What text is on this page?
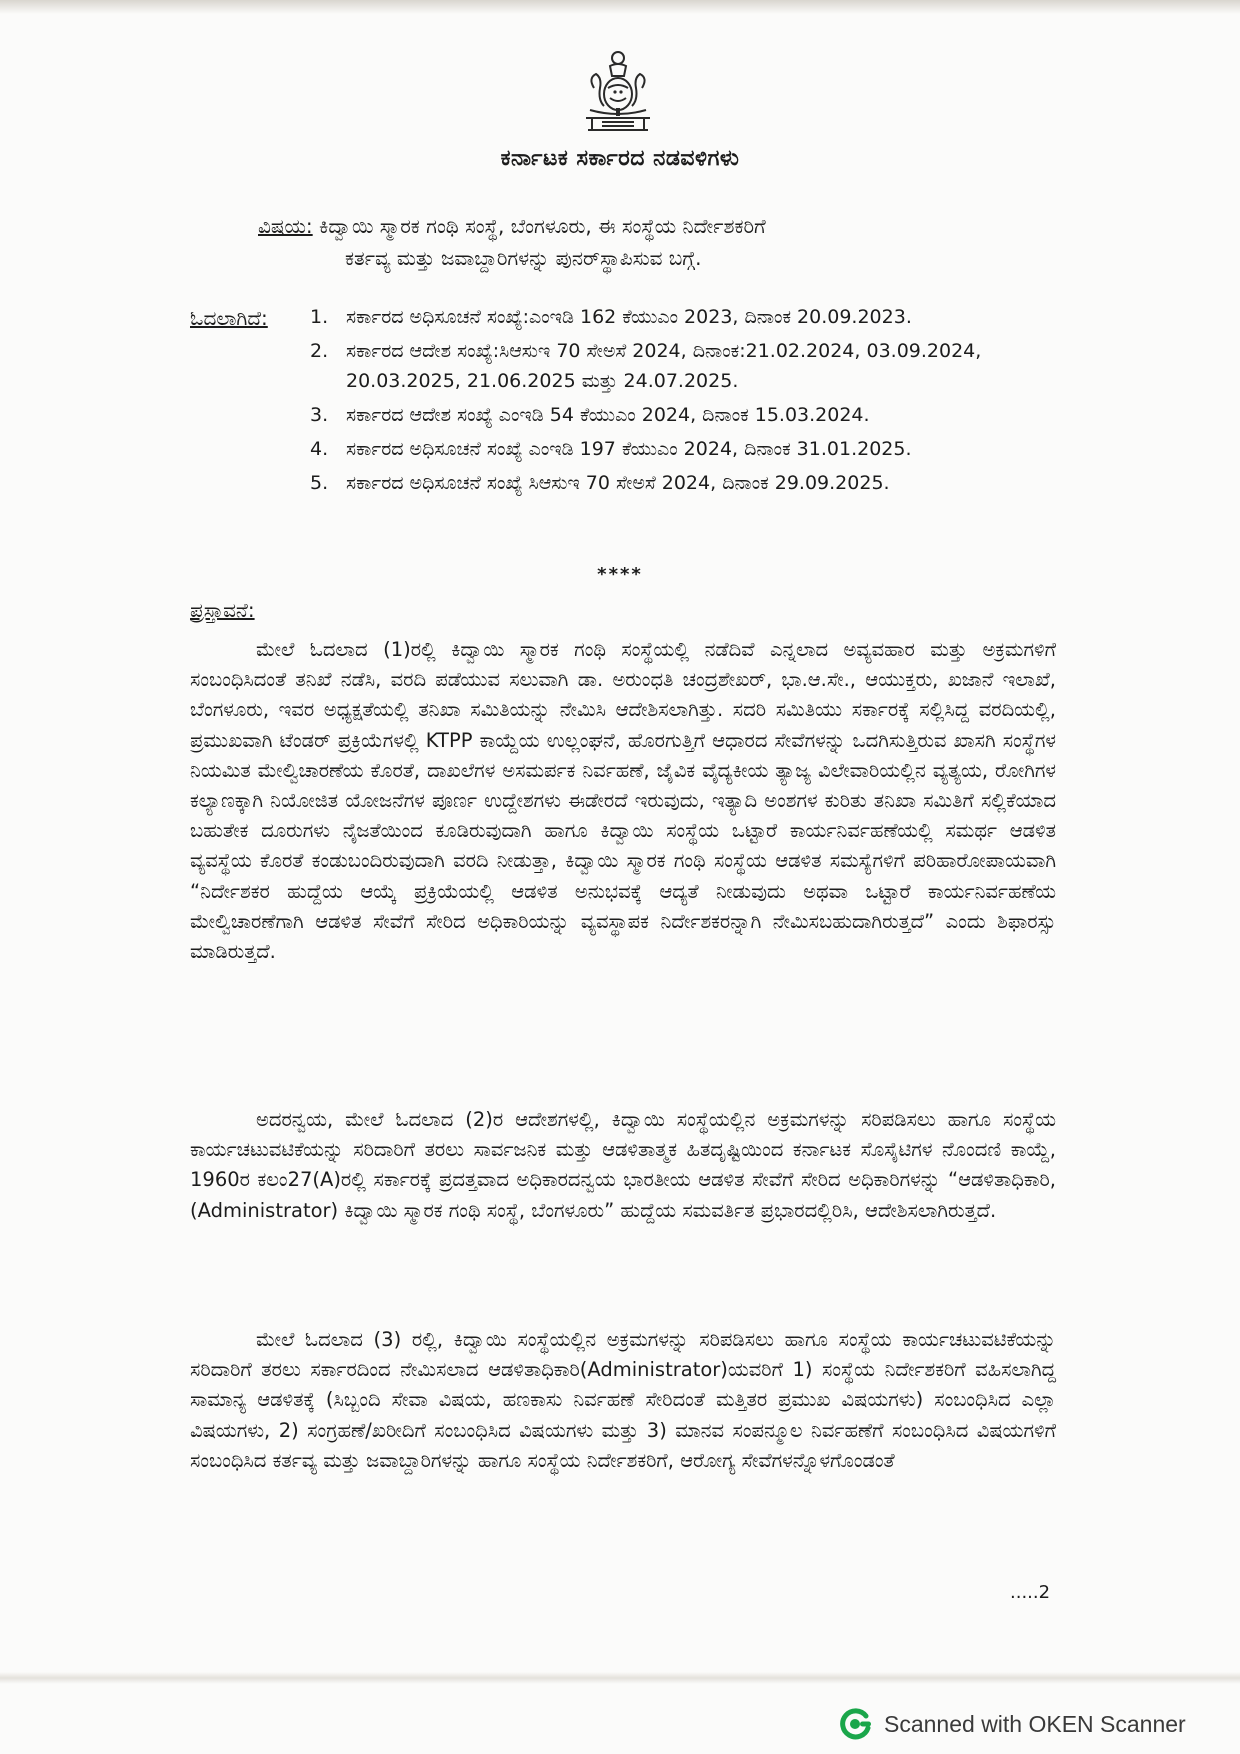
ಕರ್ನಾಟಕ ಸರ್ಕಾರದ ನಡವಳಿಗಳು
ವಿಷಯ: ಕಿದ್ವಾಯಿ ಸ್ಮಾರಕ ಗಂಥಿ ಸಂಸ್ಥೆ, ಬೆಂಗಳೂರು, ಈ ಸಂಸ್ಥೆಯ ನಿರ್ದೇಶಕರಿಗೆ
ಕರ್ತವ್ಯ ಮತ್ತು ಜವಾಬ್ದಾರಿಗಳನ್ನು ಪುನರ್‌ಸ್ಥಾಪಿಸುವ ಬಗ್ಗೆ.
ಓದಲಾಗಿದೆ: 1. ಸರ್ಕಾರದ ಅಧಿಸೂಚನೆ ಸಂಖ್ಯೆ:ಎಂಇಡಿ 162 ಕೆಯುಎಂ 2023, ದಿನಾಂಕ 20.09.2023.
2. ಸರ್ಕಾರದ ಆದೇಶ ಸಂಖ್ಯೆ:ಸಿಆಸುಇ 70 ಸೇಅಸೆ 2024, ದಿನಾಂಕ:21.02.2024, 03.09.2024, 20.03.2025, 21.06.2025 ಮತ್ತು 24.07.2025.
3. ಸರ್ಕಾರದ ಆದೇಶ ಸಂಖ್ಯೆ ಎಂಇಡಿ 54 ಕೆಯುಎಂ 2024, ದಿನಾಂಕ 15.03.2024.
4. ಸರ್ಕಾರದ ಅಧಿಸೂಚನೆ ಸಂಖ್ಯೆ ಎಂಇಡಿ 197 ಕೆಯುಎಂ 2024, ದಿನಾಂಕ 31.01.2025.
5. ಸರ್ಕಾರದ ಅಧಿಸೂಚನೆ ಸಂಖ್ಯೆ ಸಿಆಸುಇ 70 ಸೇಅಸೆ 2024, ದಿನಾಂಕ 29.09.2025.
****
ಪ್ರಸ್ತಾವನೆ:

ಮೇಲೆ ಓದಲಾದ (1)ರಲ್ಲಿ ಕಿದ್ವಾಯಿ ಸ್ಮಾರಕ ಗಂಥಿ ಸಂಸ್ಥೆಯಲ್ಲಿ ನಡೆದಿವೆ ಎನ್ನಲಾದ ಅವ್ಯವಹಾರ ಮತ್ತು ಅಕ್ರಮಗಳಿಗೆ ಸಂಬಂಧಿಸಿದಂತೆ ತನಿಖೆ ನಡೆಸಿ, ವರದಿ ಪಡೆಯುವ ಸಲುವಾಗಿ ಡಾ. ಅರುಂಧತಿ ಚಂದ್ರಶೇಖರ್, ಭಾ.ಆ.ಸೇ., ಆಯುಕ್ತರು, ಖಜಾನೆ ಇಲಾಖೆ, ಬೆಂಗಳೂರು, ಇವರ ಅಧ್ಯಕ್ಷತೆಯಲ್ಲಿ ತನಿಖಾ ಸಮಿತಿಯನ್ನು ನೇಮಿಸಿ ಆದೇಶಿಸಲಾಗಿತ್ತು. ಸದರಿ ಸಮಿತಿಯು ಸರ್ಕಾರಕ್ಕೆ ಸಲ್ಲಿಸಿದ್ದ ವರದಿಯಲ್ಲಿ, ಪ್ರಮುಖವಾಗಿ ಟೆಂಡರ್ ಪ್ರಕ್ರಿಯೆಗಳಲ್ಲಿ KTPP ಕಾಯ್ದೆಯ ಉಲ್ಲಂಘನೆ, ಹೊರಗುತ್ತಿಗೆ ಆಧಾರದ ಸೇವೆಗಳನ್ನು ಒದಗಿಸುತ್ತಿರುವ ಖಾಸಗಿ ಸಂಸ್ಥೆಗಳ ನಿಯಮಿತ ಮೇಲ್ವಿಚಾರಣೆಯ ಕೊರತೆ, ದಾಖಲೆಗಳ ಅಸಮರ್ಪಕ ನಿರ್ವಹಣೆ, ಜೈವಿಕ ವೈದ್ಯಕೀಯ ತ್ಯಾಜ್ಯ ವಿಲೇವಾರಿಯಲ್ಲಿನ ವ್ಯತ್ಯಯ, ರೋಗಿಗಳ ಕಲ್ಯಾಣಕ್ಕಾಗಿ ನಿಯೋಜಿತ ಯೋಜನೆಗಳ ಪೂರ್ಣ ಉದ್ದೇಶಗಳು ಈಡೇರದೆ ಇರುವುದು, ಇತ್ಯಾದಿ ಅಂಶಗಳ ಕುರಿತು ತನಿಖಾ ಸಮಿತಿಗೆ ಸಲ್ಲಿಕೆಯಾದ ಬಹುತೇಕ ದೂರುಗಳು ನೈಜತೆಯಿಂದ ಕೂಡಿರುವುದಾಗಿ ಹಾಗೂ ಕಿದ್ವಾಯಿ ಸಂಸ್ಥೆಯ ಒಟ್ಟಾರೆ ಕಾರ್ಯನಿರ್ವಹಣೆಯಲ್ಲಿ ಸಮರ್ಥ ಆಡಳಿತ ವ್ಯವಸ್ಥೆಯ ಕೊರತೆ ಕಂಡುಬಂದಿರುವುದಾಗಿ ವರದಿ ನೀಡುತ್ತಾ, ಕಿದ್ವಾಯಿ ಸ್ಮಾರಕ ಗಂಥಿ ಸಂಸ್ಥೆಯ ಆಡಳಿತ ಸಮಸ್ಯೆಗಳಿಗೆ ಪರಿಹಾರೋಪಾಯವಾಗಿ “ನಿರ್ದೇಶಕರ ಹುದ್ದೆಯ ಆಯ್ಕೆ ಪ್ರಕ್ರಿಯೆಯಲ್ಲಿ ಆಡಳಿತ ಅನುಭವಕ್ಕೆ ಆದ್ಯತೆ ನೀಡುವುದು ಅಥವಾ ಒಟ್ಟಾರೆ ಕಾರ್ಯನಿರ್ವಹಣೆಯ ಮೇಲ್ವಿಚಾರಣೆಗಾಗಿ ಆಡಳಿತ ಸೇವೆಗೆ ಸೇರಿದ ಅಧಿಕಾರಿಯನ್ನು ವ್ಯವಸ್ಥಾಪಕ ನಿರ್ದೇಶಕರನ್ನಾಗಿ ನೇಮಿಸಬಹುದಾಗಿರುತ್ತದೆ” ಎಂದು ಶಿಫಾರಸ್ಸು ಮಾಡಿರುತ್ತದೆ.

ಅದರನ್ವಯ, ಮೇಲೆ ಓದಲಾದ (2)ರ ಆದೇಶಗಳಲ್ಲಿ, ಕಿದ್ವಾಯಿ ಸಂಸ್ಥೆಯಲ್ಲಿನ ಅಕ್ರಮಗಳನ್ನು ಸರಿಪಡಿಸಲು ಹಾಗೂ ಸಂಸ್ಥೆಯ ಕಾರ್ಯಚಟುವಟಿಕೆಯನ್ನು ಸರಿದಾರಿಗೆ ತರಲು ಸಾರ್ವಜನಿಕ ಮತ್ತು ಆಡಳಿತಾತ್ಮಕ ಹಿತದೃಷ್ಟಿಯಿಂದ ಕರ್ನಾಟಕ ಸೊಸೈಟಿಗಳ ನೊಂದಣಿ ಕಾಯ್ದೆ, 1960ರ ಕಲಂ27(A)ರಲ್ಲಿ ಸರ್ಕಾರಕ್ಕೆ ಪ್ರದತ್ತವಾದ ಅಧಿಕಾರದನ್ವಯ ಭಾರತೀಯ ಆಡಳಿತ ಸೇವೆಗೆ ಸೇರಿದ ಅಧಿಕಾರಿಗಳನ್ನು “ಆಡಳಿತಾಧಿಕಾರಿ, (Administrator) ಕಿದ್ವಾಯಿ ಸ್ಮಾರಕ ಗಂಥಿ ಸಂಸ್ಥೆ, ಬೆಂಗಳೂರು” ಹುದ್ದೆಯ ಸಮವರ್ತಿತ ಪ್ರಭಾರದಲ್ಲಿರಿಸಿ, ಆದೇಶಿಸಲಾಗಿರುತ್ತದೆ.

ಮೇಲೆ ಓದಲಾದ (3) ರಲ್ಲಿ, ಕಿದ್ವಾಯಿ ಸಂಸ್ಥೆಯಲ್ಲಿನ ಅಕ್ರಮಗಳನ್ನು ಸರಿಪಡಿಸಲು ಹಾಗೂ ಸಂಸ್ಥೆಯ ಕಾರ್ಯಚಟುವಟಿಕೆಯನ್ನು ಸರಿದಾರಿಗೆ ತರಲು ಸರ್ಕಾರದಿಂದ ನೇಮಿಸಲಾದ ಆಡಳಿತಾಧಿಕಾರಿ(Administrator)ಯವರಿಗೆ 1) ಸಂಸ್ಥೆಯ ನಿರ್ದೇಶಕರಿಗೆ ವಹಿಸಲಾಗಿದ್ದ ಸಾಮಾನ್ಯ ಆಡಳಿತಕ್ಕೆ (ಸಿಬ್ಬಂದಿ ಸೇವಾ ವಿಷಯ, ಹಣಕಾಸು ನಿರ್ವಹಣೆ ಸೇರಿದಂತೆ ಮತ್ತಿತರ ಪ್ರಮುಖ ವಿಷಯಗಳು) ಸಂಬಂಧಿಸಿದ ಎಲ್ಲಾ ವಿಷಯಗಳು, 2) ಸಂಗ್ರಹಣೆ/ಖರೀದಿಗೆ ಸಂಬಂಧಿಸಿದ ವಿಷಯಗಳು ಮತ್ತು 3) ಮಾನವ ಸಂಪನ್ಮೂಲ ನಿರ್ವಹಣೆಗೆ ಸಂಬಂಧಿಸಿದ ವಿಷಯಗಳಿಗೆ ಸಂಬಂಧಿಸಿದ ಕರ್ತವ್ಯ ಮತ್ತು ಜವಾಬ್ದಾರಿಗಳನ್ನು ಹಾಗೂ ಸಂಸ್ಥೆಯ ನಿರ್ದೇಶಕರಿಗೆ, ಆರೋಗ್ಯ ಸೇವೆಗಳನ್ನೊಳಗೊಂಡಂತೆ

.....2
Scanned with OKEN Scanner
